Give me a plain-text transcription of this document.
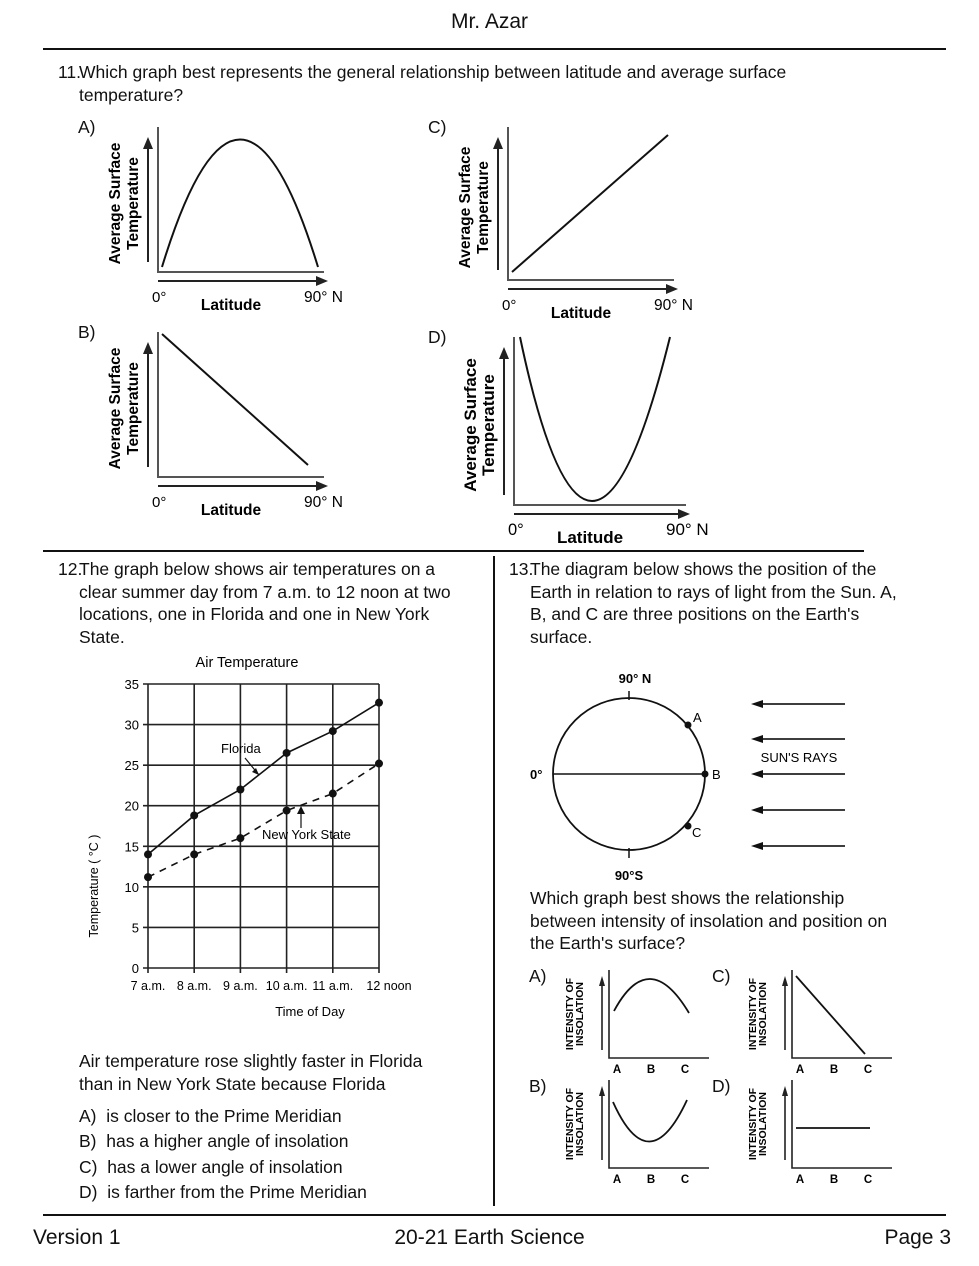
Mr. Azar
11.
Which graph best represents the general relationship between latitude and average surface temperature?
A)
Average Surface Temperature
0°	90° N
Latitude
B)
Average Surface Temperature
0°	90° N
Latitude
C)
Average Surface Temperature
0°	90° N
Latitude
D)
Average Surface Temperature
0°	90° N
Latitude
12.
The graph below shows air temperatures on a
clear summer day from 7 a.m. to 12 noon at two
locations, one in Florida and one in New York
State.
Air Temperature
0
5
10
15
20
25
30
35
7 a.m. 8 a.m. 9 a.m. 10 a.m. 11 a.m. 12 noon
Time of Day
Temperature ( °C )
Florida
New York State
Air temperature rose slightly faster in Florida
than in New York State because Florida
A) is closer to the Prime Meridian
B) has a higher angle of insolation
C) has a lower angle of insolation
D) is farther from the Prime Meridian
13.
The diagram below shows the position of the
Earth in relation to rays of light from the Sun. A,
B, and C are three positions on the Earth's
surface.
90° N
0°
90°S
A
B
C
SUN'S RAYS
Which graph best shows the relationship
between intensity of insolation and position on
the Earth's surface?
A)
INTENSITY OF
INSOLATION
A B C
B)
INTENSITY OF
INSOLATION
A B C
C)
INTENSITY OF
INSOLATION
A B C
D)
INTENSITY OF
INSOLATION
A B C
Version 1	20-21 Earth Science	Page 3
